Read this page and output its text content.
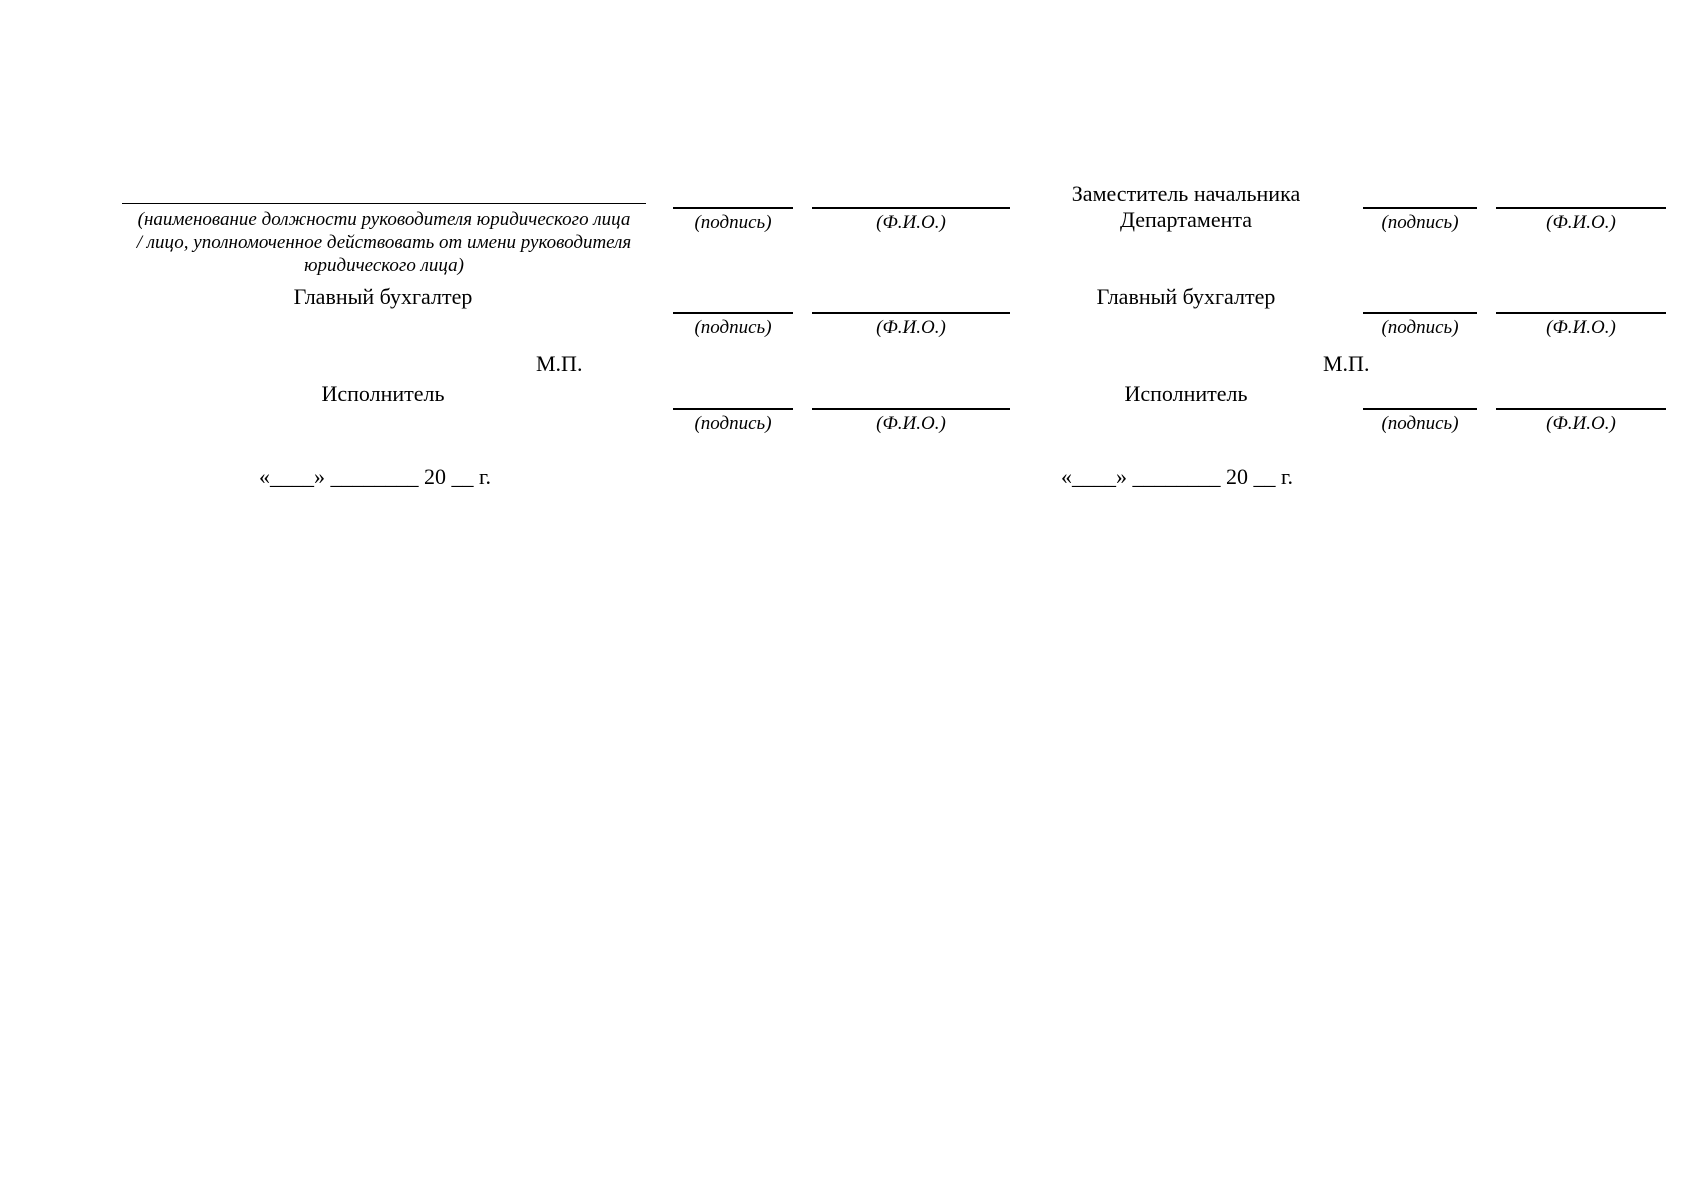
(наименование должности руководителя юридического лица
/ лицо, уполномоченное действовать от имени руководителя
юридического лица)
(подпись)	(Ф.И.О.)
Главный бухгалтер
(подпись)	(Ф.И.О.)
М.П.
Исполнитель
(подпись)	(Ф.И.О.)
«____» ________ 20 __ г.
Заместитель начальника
Департамента	(подпись)	(Ф.И.О.)
Главный бухгалтер
(подпись)	(Ф.И.О.)
М.П.
Исполнитель
(подпись)	(Ф.И.О.)
«____» ________ 20 __ г.
